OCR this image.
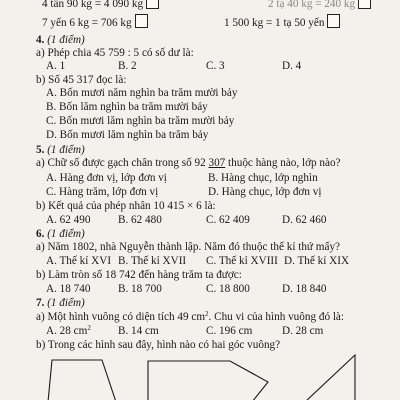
4 tấn 90 kg = 4 090 kg	2 tạ 40 kg = 240 kg
7 yến 6 kg = 706 kg	1 500 kg = 1 tạ 50 yến
4. (1 điểm)
a) Phép chia 45 759 : 5 có số dư là:
A. 1	B. 2	C. 3	D. 4
b) Số 45 317 đọc là:
A. Bốn mươi năm nghìn ba trăm mười bảy
B. Bốn lăm nghìn ba trăm mười bảy
C. Bốn mươi lăm nghìn ba trăm mười bảy
D. Bốn mươi lăm nghìn ba trăm bảy
5. (1 điểm)
a) Chữ số được gạch chân trong số 92 307 thuộc hàng nào, lớp nào?
A. Hàng đơn vị, lớp đơn vị	B. Hàng chục, lớp nghìn
C. Hàng trăm, lớp đơn vị	D. Hàng chục, lớp đơn vị
b) Kết quả của phép nhân 10 415 × 6 là:
A. 62 490 B. 62 480	C. 62 409	D. 62 460
6. (1 điểm)
a) Năm 1802, nhà Nguyễn thành lập. Năm đó thuộc thế kỉ thứ mấy?
A. Thế kỉ XVI B. Thế kỉ XVII C. Thế kỉ XVIII D. Thế kỉ XIX
b) Làm tròn số 18 742 đến hàng trăm ta được:
A. 18 740 B. 18 700	C. 18 800	D. 18 840
7. (1 điểm)
a) Một hình vuông có diện tích 49 $cm^2$. Chu vi của hình vuông đó là:
A. 28 $cm^2$ B. 14 cm	C. 196 cm	D. 28 cm
b) Trong các hình sau đây, hình nào có hai góc vuông?
